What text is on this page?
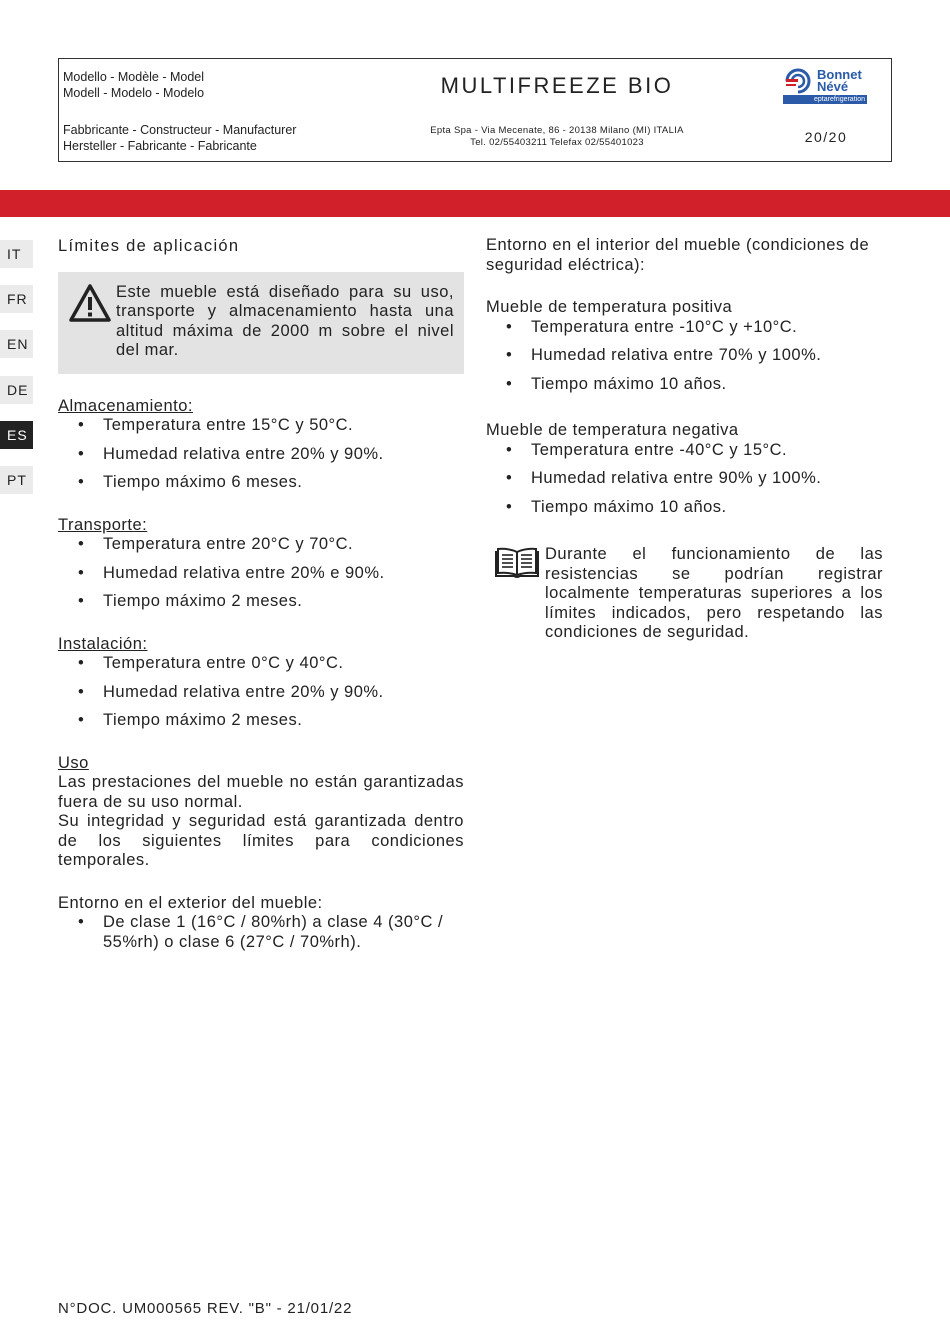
Modello - Modèle - Model
Modell - Modelo - Modelo	MULTIFREEZE BIO	Bonnet
Névé
eptarefrigeration
Fabbricante - Constructeur - Manufacturer
Hersteller - Fabricante - Fabricante
Epta Spa - Via Mecenate, 86 - 20138 Milano (MI) ITALIA
Tel. 02/55403211 Telefax 02/55401023	20/20
IT
FR
EN
DE
ES
PT
Límites de aplicación
Este mueble está diseñado para su uso, transporte y almacenamiento hasta una altitud máxima de 2000 m sobre el nivel del mar.
Almacenamiento:
• Temperatura entre 15°C y 50°C.
• Humedad relativa entre 20% y 90%.
• Tiempo máximo 6 meses.
Transporte:
• Temperatura entre 20°C y 70°C.
• Humedad relativa entre 20% e 90%.
• Tiempo máximo 2 meses.
Instalación:
• Temperatura entre 0°C y 40°C.
• Humedad relativa entre 20% y 90%.
• Tiempo máximo 2 meses.
Uso
Las prestaciones del mueble no están garantizadas fuera de su uso normal.
Su integridad y seguridad está garantizada dentro de los siguientes límites para condiciones temporales.
Entorno en el exterior del mueble:
• De clase 1 (16°C / 80%rh) a clase 4 (30°C / 55%rh) o clase 6 (27°C / 70%rh).
Entorno en el interior del mueble (condiciones de seguridad eléctrica):
Mueble de temperatura positiva
• Temperatura entre -10°C y +10°C.
• Humedad relativa entre 70% y 100%.
• Tiempo máximo 10 años.
Mueble de temperatura negativa
• Temperatura entre -40°C y 15°C.
• Humedad relativa entre 90% y 100%.
• Tiempo máximo 10 años.
Durante el funcionamiento de las resistencias se podrían registrar localmente temperaturas superiores a los límites indicados, pero respetando las condiciones de seguridad.
N°DOC. UM000565 REV. "B" - 21/01/22
